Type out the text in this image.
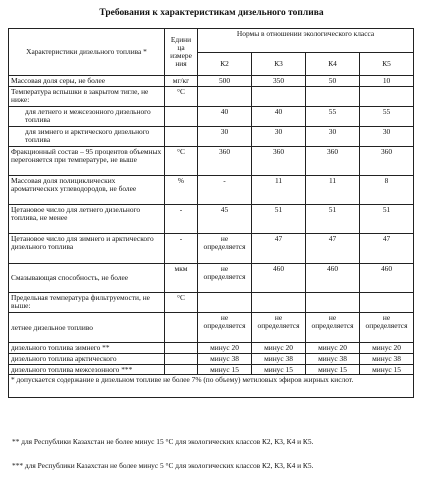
Требования к характеристикам дизельного топлива
Характеристики дизельного топлива *	Едини ца измере ния	Нормы в отношении экологического класса			
		К2	К3	К4	К5
Массовая доля серы, не более	мг/кг	500	350	50	10
Температура вспышки в закрытом тигле, не ниже:	°C				
для летнего и межсезонного дизельного топлива		40	40	55	55
для зимнего и арктического дизельного топлива		30	30	30	30
Фракционный состав – 95 процентов объемных перегоняется при температуре, не выше	°C	360	360	360	360
Массовая доля полициклических ароматических углеводородов, не более	%	-	11	11	8
Цетановое число для летнего дизельного топлива, не менее	-	45	51	51	51
Цетановое число для зимнего и арктического дизельного топлива	-	не определяется	47	47	47
Смазывающая способность, не более	мкм	не определяется	460	460	460
Предельная температура фильтруемости, не выше:	°C				
летнее дизельное топливо		не определяется	не определяется	не определяется	не определяется
дизельного топлива зимнего **		минус 20	минус 20	минус 20	минус 20
дизельного топлива арктического		минус 38	минус 38	минус 38	минус 38
дизельного топлива межсезонного ***		минус 15	минус 15	минус 15	минус 15
* допускается содержание в дизельном топливе не более 7% (по объему) метиловых эфиров жирных кислот.					
** для Республики Казахстан не более минус 15 °C для экологических классов К2, К3, К4 и К5.
*** для Республики Казахстан не более минус 5 °C для экологических классов К2, К3, К4 и К5.
